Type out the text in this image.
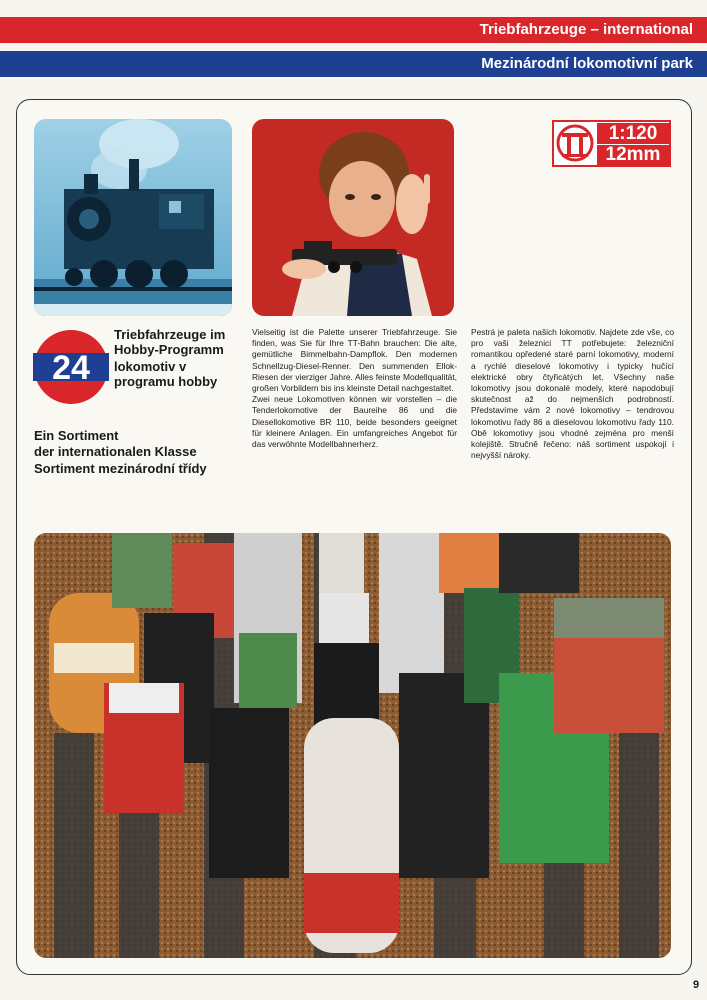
Triebfahrzeuge – international
Mezinárodní lokomotivní park
1:120
12mm
24
Triebfahrzeuge im Hobby-Programm
lokomotiv v programu hobby
Ein Sortiment
der internationalen Klasse
Sortiment mezinárodní třídy
Vielseitig ist die Palette unserer Triebfahrzeuge. Sie finden, was Sie für Ihre TT-Bahn brauchen: Die alte, gemütliche Bimmelbahn-Dampflok. Den modernen Schnellzug-Diesel-Renner. Den summenden Ellok-Riesen der vierziger Jahre. Alles feinste Modellqualität, großen Vorbildern bis ins kleinste Detail nachgestaltet.
Zwei neue Lokomotiven können wir vorstellen – die Tenderlokomotive der Baureihe 86 und die Diesellokomotive BR 110, beide besonders geeignet für kleinere Anlagen. Ein umfangreiches Angebot für das verwöhnte Modellbahnerherz.
Pestrá je paleta našich lokomotiv. Najdete zde vše, co pro vaši železnici TT potřebujete: železniční romantikou opředené staré parní lokomotivy, moderní a rychlé dieselové lokomotivy i typicky hučící elektrické obry čtyřicátých let. Všechny naše lokomotivy jsou dokonalé modely, které napodobují skutečnost až do nejmenších podrobností. Představíme vám 2 nové lokomotivy – tendrovou lokomotivu řady 86 a dieselovou lokomotivu řady 110. Obě lokomotivy jsou vhodné zejména pro menší kolejiště. Stručně řečeno: náš sortiment uspokojí i nejvyšší nároky.
9
